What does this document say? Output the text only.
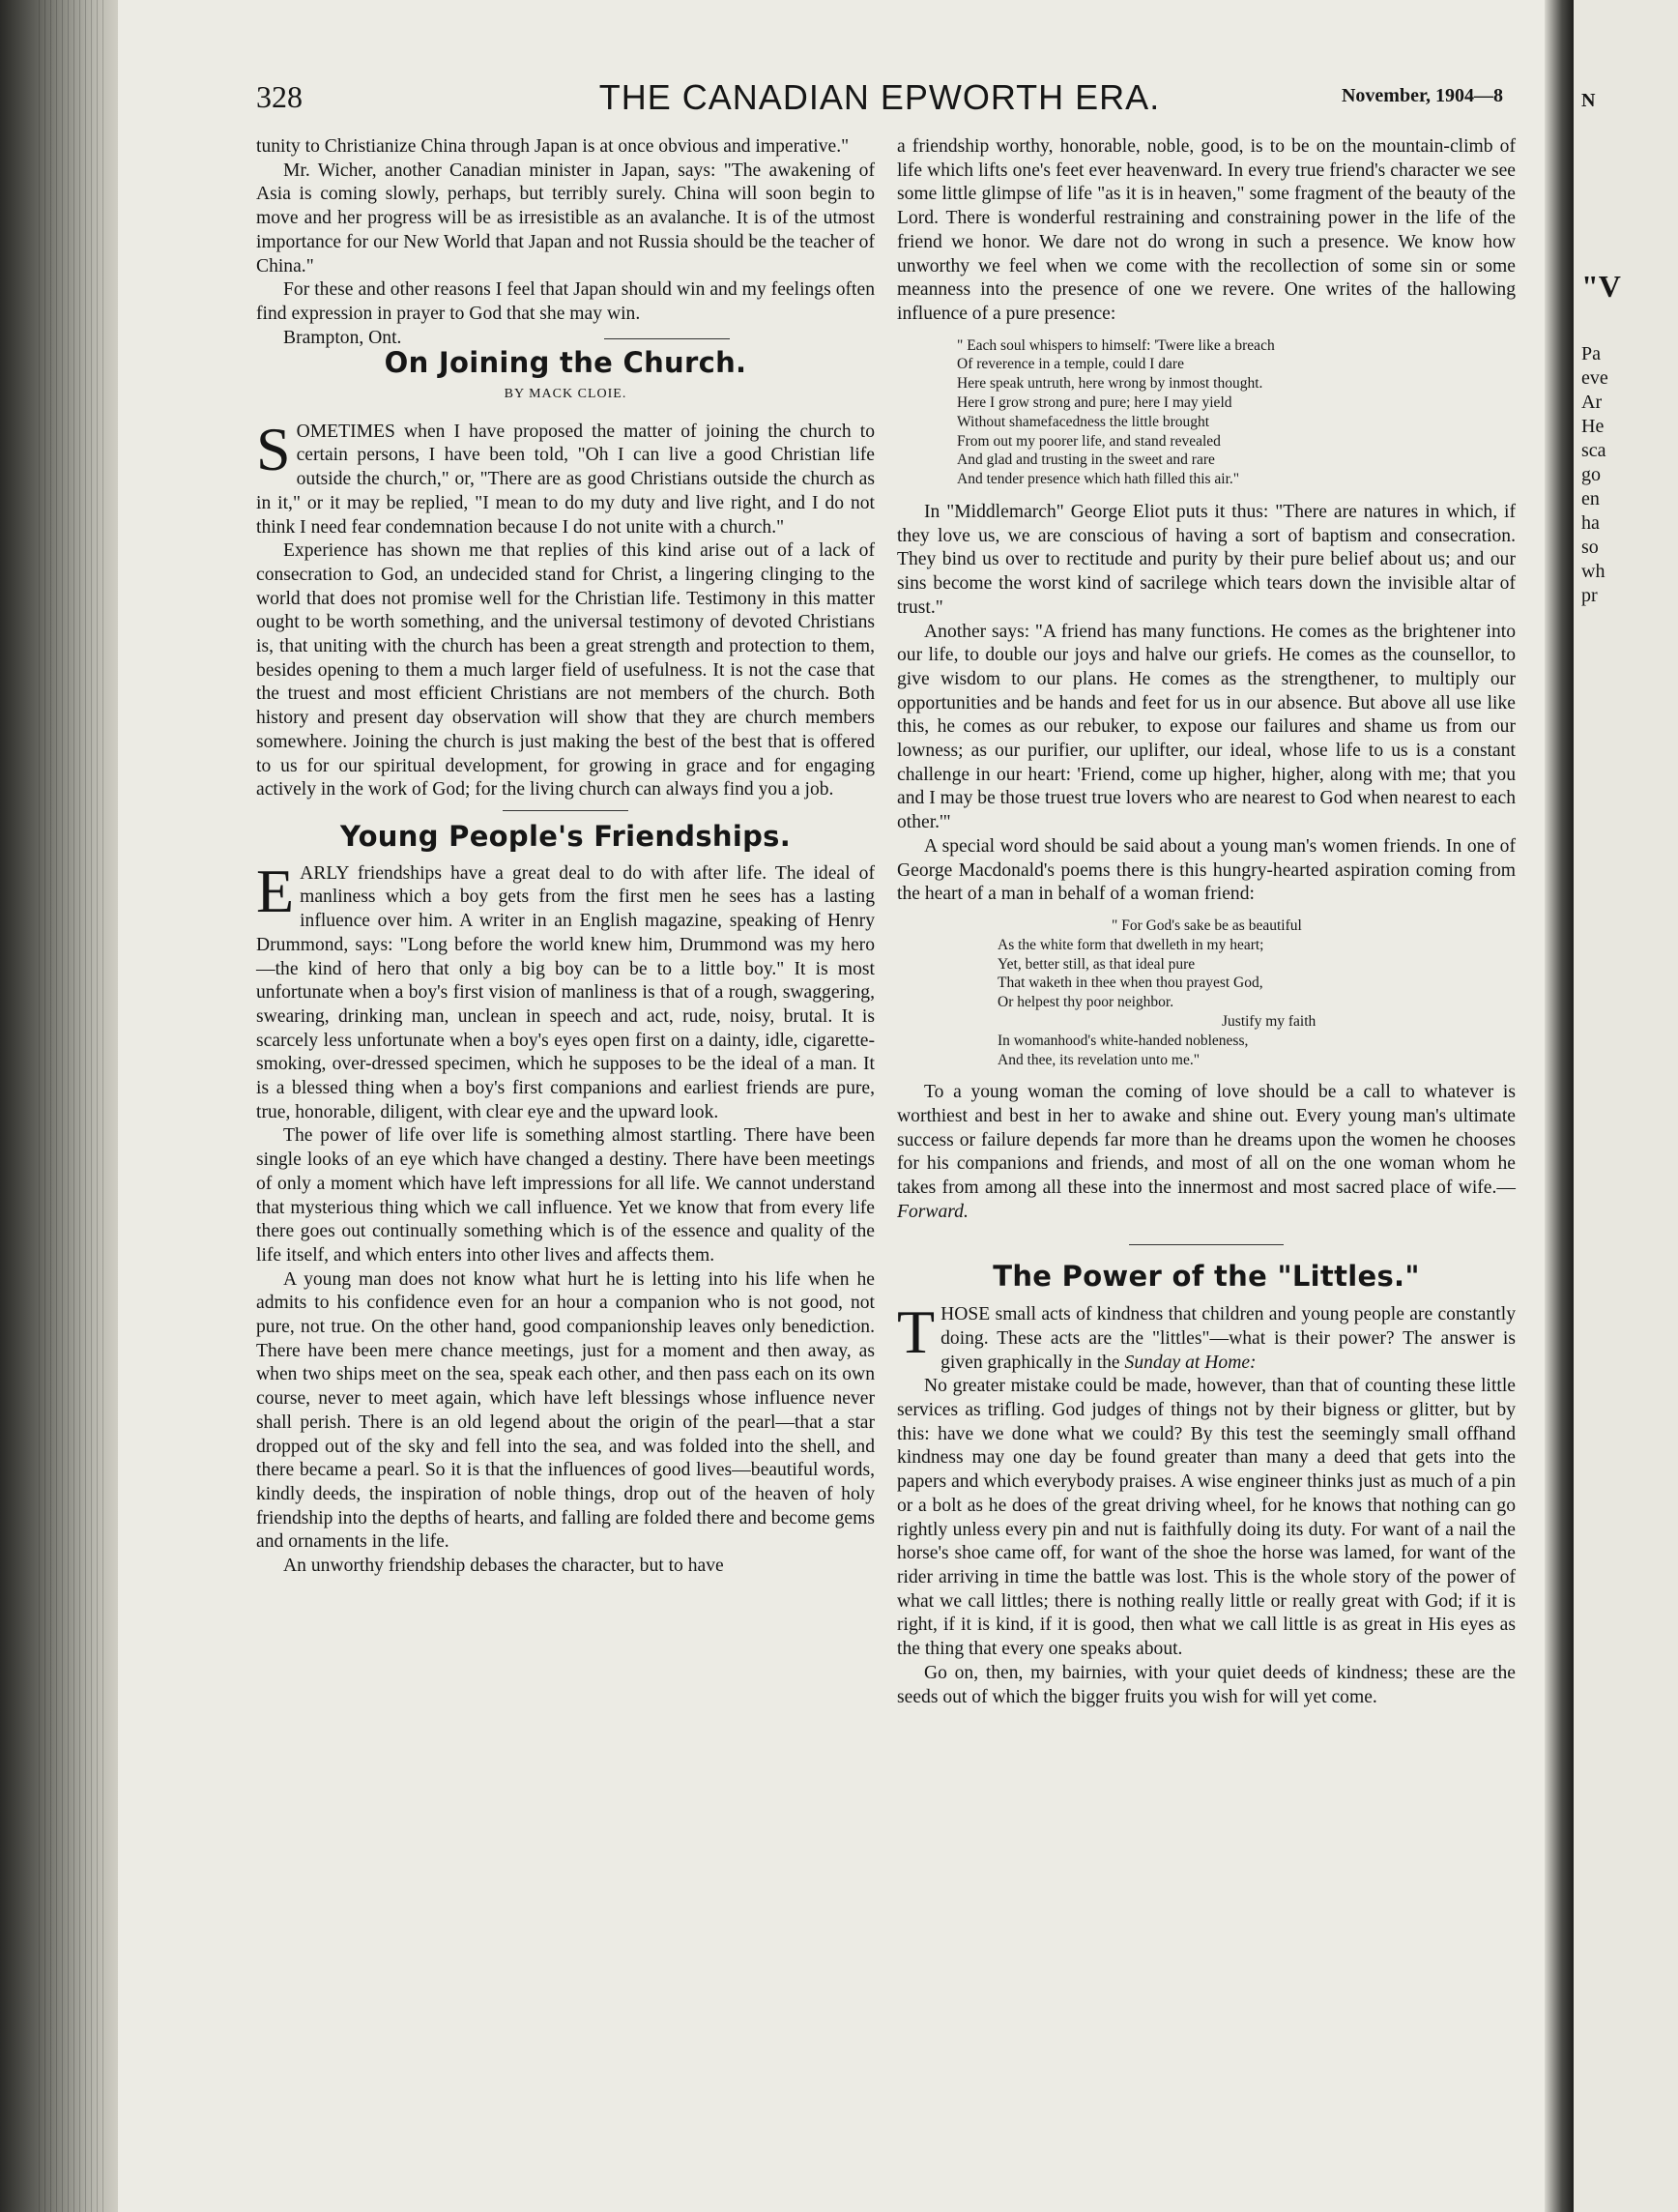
N
"V
Pa
eve
Ar
He
sca
go
en
ha
so
wh
pr
328	THE CANADIAN EPWORTH ERA.	November, 1904—8

tunity to Christianize China through Japan is at once obvious and imperative."

Mr. Wicher, another Canadian minister in Japan, says: "The awakening of Asia is coming slowly, perhaps, but terribly surely. China will soon begin to move and her progress will be as irresistible as an avalanche. It is of the utmost importance for our New World that Japan and not Russia should be the teacher of China."

For these and other reasons I feel that Japan should win and my feelings often find expression in prayer to God that she may win.

Brampton, Ont.

On Joining the Church.
BY MACK CLOIE.

SOMETIMES when I have proposed the matter of joining the church to certain persons, I have been told, "Oh I can live a good Christian life outside the church," or, "There are as good Christians outside the church as in it," or it may be replied, "I mean to do my duty and live right, and I do not think I need fear condemnation because I do not unite with a church."

Experience has shown me that replies of this kind arise out of a lack of consecration to God, an undecided stand for Christ, a lingering clinging to the world that does not promise well for the Christian life. Testimony in this matter ought to be worth something, and the universal testimony of devoted Christians is, that uniting with the church has been a great strength and protection to them, besides opening to them a much larger field of usefulness. It is not the case that the truest and most efficient Christians are not members of the church. Both history and present day observation will show that they are church members somewhere. Joining the church is just making the best of the best that is offered to us for our spiritual development, for growing in grace and for engaging actively in the work of God; for the living church can always find you a job.

Young People's Friendships.

EARLY friendships have a great deal to do with after life. The ideal of manliness which a boy gets from the first men he sees has a lasting influence over him. A writer in an English magazine, speaking of Henry Drummond, says: "Long before the world knew him, Drummond was my hero —the kind of hero that only a big boy can be to a little boy." It is most unfortunate when a boy's first vision of manliness is that of a rough, swaggering, swearing, drinking man, unclean in speech and act, rude, noisy, brutal. It is scarcely less unfortunate when a boy's eyes open first on a dainty, idle, cigarette-smoking, over-dressed specimen, which he supposes to be the ideal of a man. It is a blessed thing when a boy's first companions and earliest friends are pure, true, honorable, diligent, with clear eye and the upward look.

The power of life over life is something almost startling. There have been single looks of an eye which have changed a destiny. There have been meetings of only a moment which have left impressions for all life. We cannot understand that mysterious thing which we call influence. Yet we know that from every life there goes out continually something which is of the essence and quality of the life itself, and which enters into other lives and affects them.

A young man does not know what hurt he is letting into his life when he admits to his confidence even for an hour a companion who is not good, not pure, not true. On the other hand, good companionship leaves only benediction. There have been mere chance meetings, just for a moment and then away, as when two ships meet on the sea, speak each other, and then pass each on its own course, never to meet again, which have left blessings whose influence never shall perish. There is an old legend about the origin of the pearl—that a star dropped out of the sky and fell into the sea, and was folded into the shell, and there became a pearl. So it is that the influences of good lives—beautiful words, kindly deeds, the inspiration of noble things, drop out of the heaven of holy friendship into the depths of hearts, and falling are folded there and become gems and ornaments in the life.

An unworthy friendship debases the character, but to have

a friendship worthy, honorable, noble, good, is to be on the mountain-climb of life which lifts one's feet ever heavenward. In every true friend's character we see some little glimpse of life "as it is in heaven," some fragment of the beauty of the Lord. There is wonderful restraining and constraining power in the life of the friend we honor. We dare not do wrong in such a presence. We know how unworthy we feel when we come with the recollection of some sin or some meanness into the presence of one we revere. One writes of the hallowing influence of a pure presence:

" Each soul whispers to himself: 'Twere like a breach
Of reverence in a temple, could I dare
Here speak untruth, here wrong by inmost thought.
Here I grow strong and pure; here I may yield
Without shamefacedness the little brought
From out my poorer life, and stand revealed
And glad and trusting in the sweet and rare
And tender presence which hath filled this air."

In "Middlemarch" George Eliot puts it thus: "There are natures in which, if they love us, we are conscious of having a sort of baptism and consecration. They bind us over to rectitude and purity by their pure belief about us; and our sins become the worst kind of sacrilege which tears down the invisible altar of trust."

Another says: "A friend has many functions. He comes as the brightener into our life, to double our joys and halve our griefs. He comes as the counsellor, to give wisdom to our plans. He comes as the strengthener, to multiply our opportunities and be hands and feet for us in our absence. But above all use like this, he comes as our rebuker, to expose our failures and shame us from our lowness; as our purifier, our uplifter, our ideal, whose life to us is a constant challenge in our heart: 'Friend, come up higher, higher, along with me; that you and I may be those truest true lovers who are nearest to God when nearest to each other.'"

A special word should be said about a young man's women friends. In one of George Macdonald's poems there is this hungry-hearted aspiration coming from the heart of a man in behalf of a woman friend:

" For God's sake be as beautiful
As the white form that dwelleth in my heart;
Yet, better still, as that ideal pure
That waketh in thee when thou prayest God,
Or helpest thy poor neighbor.
Justify my faith
In womanhood's white-handed nobleness,
And thee, its revelation unto me."

To a young woman the coming of love should be a call to whatever is worthiest and best in her to awake and shine out. Every young man's ultimate success or failure depends far more than he dreams upon the women he chooses for his companions and friends, and most of all on the one woman whom he takes from among all these into the innermost and most sacred place of wife.—Forward.

The Power of the "Littles."

THOSE small acts of kindness that children and young people are constantly doing. These acts are the "littles"—what is their power? The answer is given graphically in the Sunday at Home:

No greater mistake could be made, however, than that of counting these little services as trifling. God judges of things not by their bigness or glitter, but by this: have we done what we could? By this test the seemingly small offhand kindness may one day be found greater than many a deed that gets into the papers and which everybody praises. A wise engineer thinks just as much of a pin or a bolt as he does of the great driving wheel, for he knows that nothing can go rightly unless every pin and nut is faithfully doing its duty. For want of a nail the horse's shoe came off, for want of the shoe the horse was lamed, for want of the rider arriving in time the battle was lost. This is the whole story of the power of what we call littles; there is nothing really little or really great with God; if it is right, if it is kind, if it is good, then what we call little is as great in His eyes as the thing that every one speaks about.

Go on, then, my bairnies, with your quiet deeds of kindness; these are the seeds out of which the bigger fruits you wish for will yet come.
